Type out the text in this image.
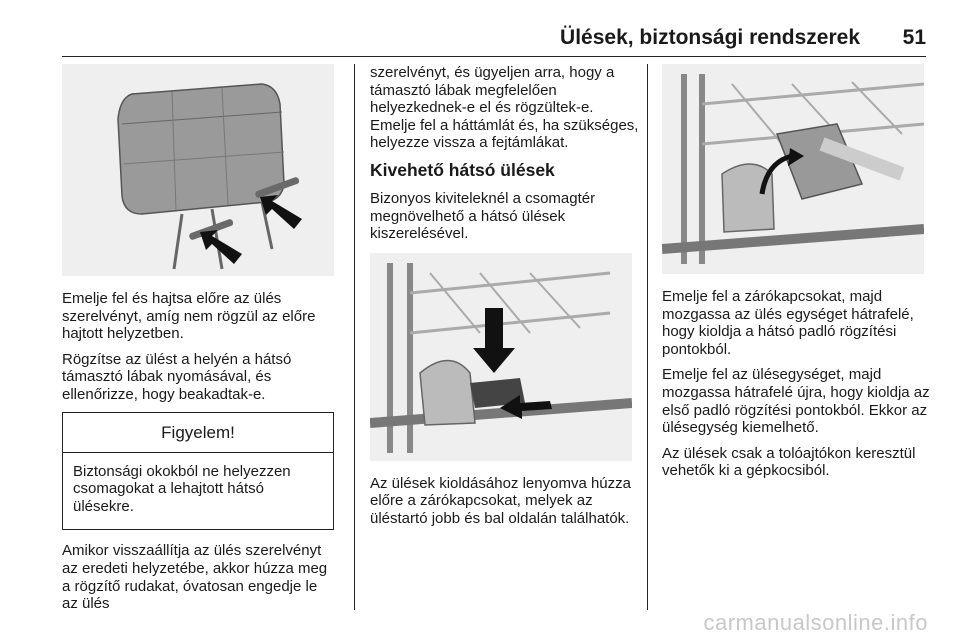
Ülések, biztonsági rendszerek 51

Emelje fel és hajtsa előre az ülés szerelvényt, amíg nem rögzül az előre hajtott helyzetben.

Rögzítse az ülést a helyén a hátsó támasztó lábak nyomásával, és ellenőrizze, hogy beakadtak-e.

Figyelem!

Biztonsági okokból ne helyezzen csomagokat a lehajtott hátsó ülésekre.

Amikor visszaállítja az ülés szerelvényt az eredeti helyzetébe, akkor húzza meg a rögzítő rudakat, óvatosan engedje le az ülés

szerelvényt, és ügyeljen arra, hogy a támasztó lábak megfelelően helyezkednek-e el és rögzültek-e. Emelje fel a háttámlát és, ha szükséges, helyezze vissza a fejtámlákat.

Kivehető hátsó ülések

Bizonyos kiviteleknél a csomagtér megnövelhető a hátsó ülések kiszerelésével.

Az ülések kioldásához lenyomva húzza előre a zárókapcsokat, melyek az üléstartó jobb és bal oldalán találhatók.

Emelje fel a zárókapcsokat, majd mozgassa az ülés egységet hátrafelé, hogy kioldja a hátsó padló rögzítési pontokból.

Emelje fel az ülésegységet, majd mozgassa hátrafelé újra, hogy kioldja az első padló rögzítési pontokból. Ekkor az ülésegység kiemelhető.

Az ülések csak a tolóajtókon keresztül vehetők ki a gépkocsiból.

carmanualsonline.info
